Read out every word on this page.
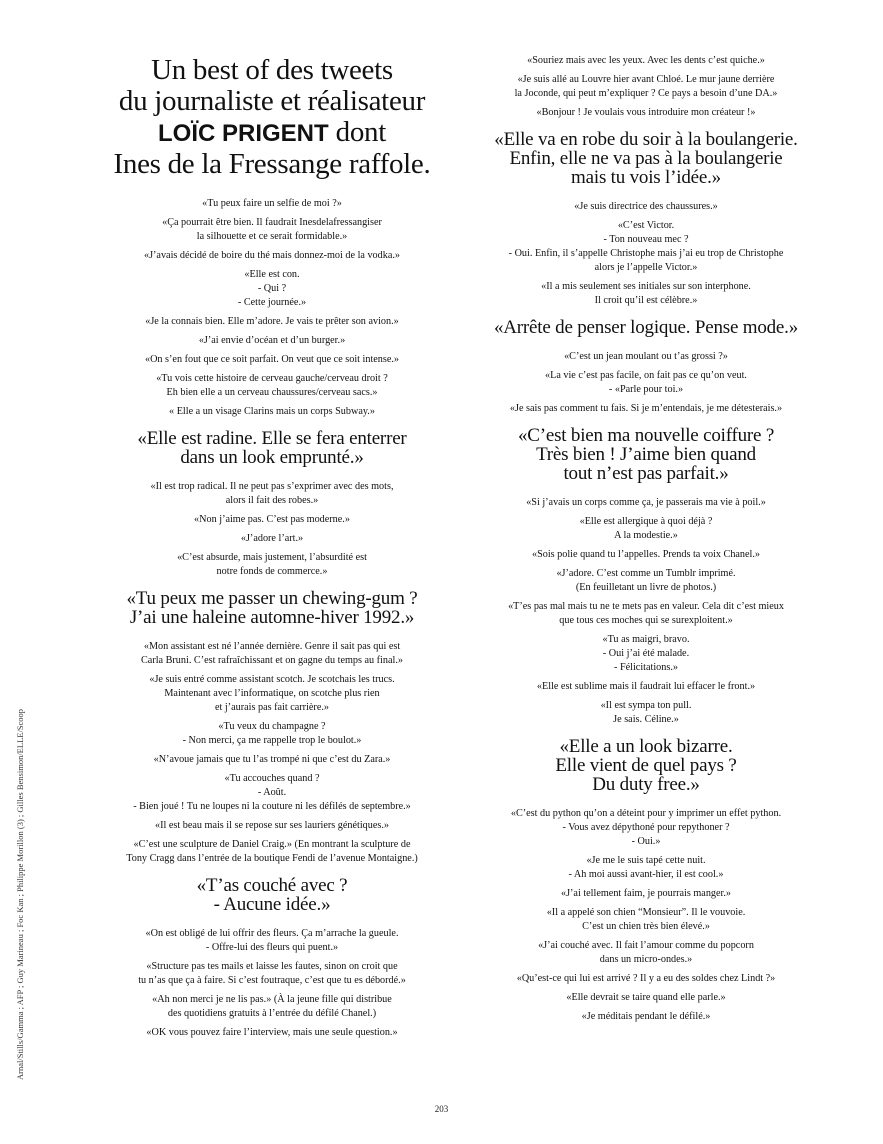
Un best of des tweets
du journaliste et réalisateur
LOÏC PRIGENT dont
Ines de la Fressange raffole.
«Tu peux faire un selfie de moi ?»
«Ça pourrait être bien. Il faudrait Inesdelafressangiser
la silhouette et ce serait formidable.»
«J’avais décidé de boire du thé mais donnez-moi de la vodka.»
«Elle est con.
- Qui ?
- Cette journée.»
«Je la connais bien. Elle m’adore. Je vais te prêter son avion.»
«J’ai envie d’océan et d’un burger.»
«On s’en fout que ce soit parfait. On veut que ce soit intense.»
«Tu vois cette histoire de cerveau gauche/cerveau droit ?
Eh bien elle a un cerveau chaussures/cerveau sacs.»
« Elle a un visage Clarins mais un corps Subway.»
«Elle est radine. Elle se fera enterrer
dans un look emprunté.»
«Il est trop radical. Il ne peut pas s’exprimer avec des mots,
alors il fait des robes.»
«Non j’aime pas. C’est pas moderne.»
«J’adore l’art.»
«C’est absurde, mais justement, l’absurdité est
notre fonds de commerce.»
«Tu peux me passer un chewing-gum ?
J’ai une haleine automne-hiver 1992.»
«Mon assistant est né l’année dernière. Genre il sait pas qui est
Carla Bruni. C’est rafraîchissant et on gagne du temps au final.»
«Je suis entré comme assistant scotch. Je scotchais les trucs.
Maintenant avec l’informatique, on scotche plus rien
et j’aurais pas fait carrière.»
«Tu veux du champagne ?
- Non merci, ça me rappelle trop le boulot.»
«N’avoue jamais que tu l’as trompé ni que c’est du Zara.»
«Tu accouches quand ?
- Août.
- Bien joué ! Tu ne loupes ni la couture ni les défilés de septembre.»
«Il est beau mais il se repose sur ses lauriers génétiques.»
«C’est une sculpture de Daniel Craig.» (En montrant la sculpture de
Tony Cragg dans l’entrée de la boutique Fendi de l’avenue Montaigne.)
«T’as couché avec ?
- Aucune idée.»
«On est obligé de lui offrir des fleurs. Ça m’arrache la gueule.
- Offre-lui des fleurs qui puent.»
«Structure pas tes mails et laisse les fautes, sinon on croit que
tu n’as que ça à faire. Si c’est foutraque, c’est que tu es débordé.»
«Ah non merci je ne lis pas.» (À la jeune fille qui distribue
des quotidiens gratuits à l’entrée du défilé Chanel.)
«OK vous pouvez faire l’interview, mais une seule question.»
«Souriez mais avec les yeux. Avec les dents c’est quiche.»
«Je suis allé au Louvre hier avant Chloé. Le mur jaune derrière
la Joconde, qui peut m’expliquer ? Ce pays a besoin d’une DA.»
«Bonjour ! Je voulais vous introduire mon créateur !»
«Elle va en robe du soir à la boulangerie.
Enfin, elle ne va pas à la boulangerie
mais tu vois l’idée.»
«Je suis directrice des chaussures.»
«C’est Victor.
- Ton nouveau mec ?
- Oui. Enfin, il s’appelle Christophe mais j’ai eu trop de Christophe
alors je l’appelle Victor.»
«Il a mis seulement ses initiales sur son interphone.
Il croit qu’il est célèbre.»
«Arrête de penser logique. Pense mode.»
«C’est un jean moulant ou t’as grossi ?»
«La vie c’est pas facile, on fait pas ce qu’on veut.
- «Parle pour toi.»
«Je sais pas comment tu fais. Si je m’entendais, je me détesterais.»
«C’est bien ma nouvelle coiffure ?
Très bien ! J’aime bien quand
tout n’est pas parfait.»
«Si j’avais un corps comme ça, je passerais ma vie à poil.»
«Elle est allergique à quoi déjà ?
A la modestie.»
«Sois polie quand tu l’appelles. Prends ta voix Chanel.»
«J’adore. C’est comme un Tumblr imprimé.
(En feuilletant un livre de photos.)
«T’es pas mal mais tu ne te mets pas en valeur. Cela dit c’est mieux
que tous ces moches qui se surexploitent.»
«Tu as maigri, bravo.
- Oui j’ai été malade.
- Félicitations.»
«Elle est sublime mais il faudrait lui effacer le front.»
«Il est sympa ton pull.
Je sais. Céline.»
«Elle a un look bizarre.
Elle vient de quel pays ?
Du duty free.»
«C’est du python qu’on a déteint pour y imprimer un effet python.
- Vous avez dépythoné pour repythoner ?
- Oui.»
«Je me le suis tapé cette nuit.
- Ah moi aussi avant-hier, il est cool.»
«J’ai tellement faim, je pourrais manger.»
«Il a appelé son chien “Monsieur”. Il le vouvoie.
C’est un chien très bien élevé.»
«J’ai couché avec. Il fait l’amour comme du popcorn
dans un micro-ondes.»
«Qu’est-ce qui lui est arrivé ? Il y a eu des soldes chez Lindt ?»
«Elle devrait se taire quand elle parle.»
«Je méditais pendant le défilé.»
Arnal/Stills/Gamma ; AFP ; Guy Marineau ; Foc Kan ; Philippe Morillon (3) ; Gilles Bensimon/ELLE/Scoop
203
